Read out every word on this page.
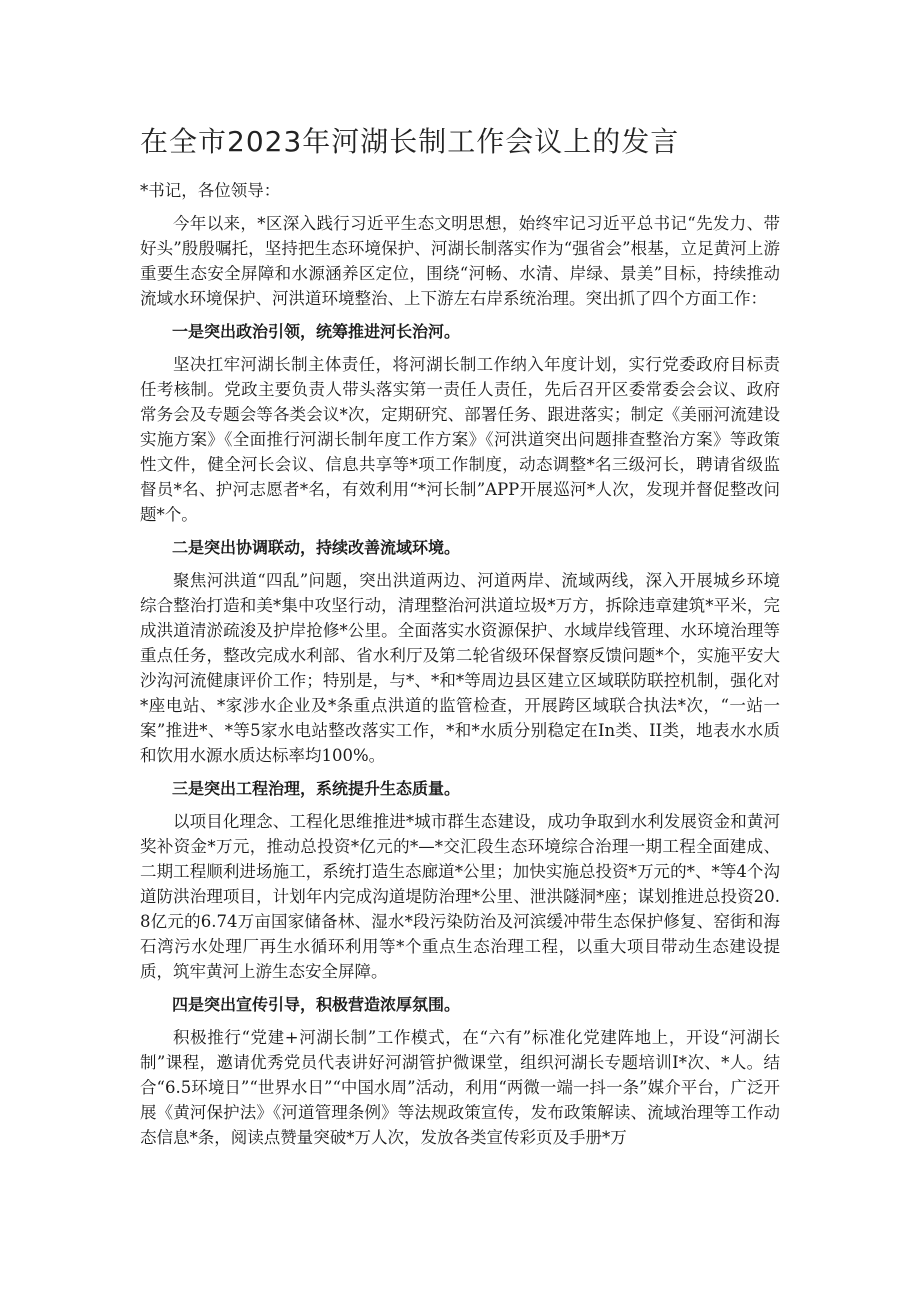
在全市2023年河湖长制工作会议上的发言

*书记，各位领导：

今年以来，*区深入践行习近平生态文明思想，始终牢记习近平总书记“先发力、带好头”殷殷嘱托，坚持把生态环境保护、河湖长制落实作为“强省会”根基，立足黄河上游重要生态安全屏障和水源涵养区定位，围绕“河畅、水清、岸绿、景美”目标，持续推动流域水环境保护、河洪道环境整治、上下游左右岸系统治理。突出抓了四个方面工作：

一是突出政治引领，统筹推进河长治河。

坚决扛牢河湖长制主体责任，将河湖长制工作纳入年度计划，实行党委政府目标责任考核制。党政主要负责人带头落实第一责任人责任，先后召开区委常委会会议、政府常务会及专题会等各类会议*次，定期研究、部署任务、跟进落实；制定《美丽河流建设实施方案》《全面推行河湖长制年度工作方案》《河洪道突出问题排查整治方案》等政策性文件，健全河长会议、信息共享等*项工作制度，动态调整*名三级河长，聘请省级监督员*名、护河志愿者*名，有效利用“*河长制”APP开展巡河*人次，发现并督促整改问题*个。

二是突出协调联动，持续改善流域环境。

聚焦河洪道“四乱”问题，突出洪道两边、河道两岸、流域两线，深入开展城乡环境综合整治打造和美*集中攻坚行动，清理整治河洪道垃圾*万方，拆除违章建筑*平米，完成洪道清淤疏浚及护岸抢修*公里。全面落实水资源保护、水域岸线管理、水环境治理等重点任务，整改完成水利部、省水利厅及第二轮省级环保督察反馈问题*个，实施平安大沙沟河流健康评价工作；特别是，与*、*和*等周边县区建立区域联防联控机制，强化对*座电站、*家涉水企业及*条重点洪道的监管检查，开展跨区域联合执法*次，“一站一案”推进*、*等5家水电站整改落实工作，*和*水质分别稳定在In类、II类，地表水水质和饮用水源水质达标率均100%。

三是突出工程治理，系统提升生态质量。

以项目化理念、工程化思维推进*城市群生态建设，成功争取到水利发展资金和黄河奖补资金*万元，推动总投资*亿元的*—*交汇段生态环境综合治理一期工程全面建成、二期工程顺利进场施工，系统打造生态廊道*公里；加快实施总投资*万元的*、*等4个沟道防洪治理项目，计划年内完成沟道堤防治理*公里、泄洪隧洞*座；谋划推进总投资20.8亿元的6.74万亩国家储备林、湿水*段污染防治及河滨缓冲带生态保护修复、窑街和海石湾污水处理厂再生水循环利用等*个重点生态治理工程，以重大项目带动生态建设提质，筑牢黄河上游生态安全屏障。

四是突出宣传引导，积极营造浓厚氛围。

积极推行“党建+河湖长制”工作模式，在“六有”标准化党建阵地上，开设“河湖长制”课程，邀请优秀党员代表讲好河湖管护微课堂，组织河湖长专题培训I*次、*人。结合“6.5环境日”“世界水日”“中国水周”活动，利用“两微一端一抖一条”媒介平台，广泛开展《黄河保护法》《河道管理条例》等法规政策宣传，发布政策解读、流域治理等工作动态信息*条，阅读点赞量突破*万人次，发放各类宣传彩页及手册*万
